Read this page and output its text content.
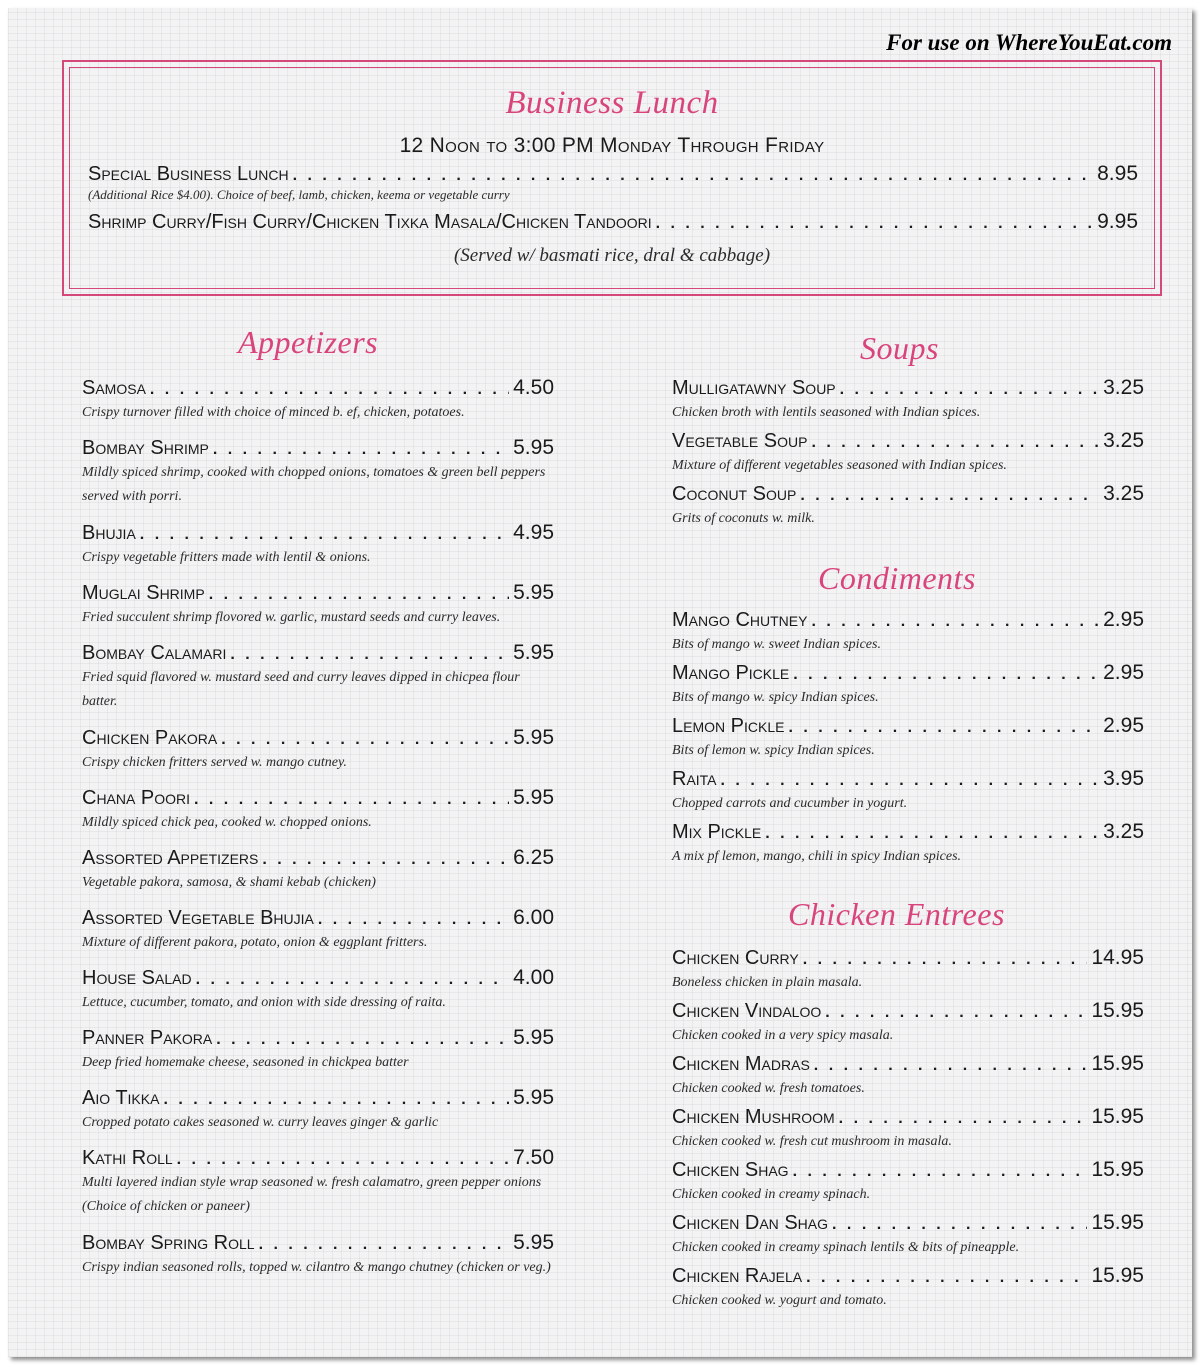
For use on WhereYouEat.com
Business Lunch
12 Noon to 3:00 PM Monday Through Friday
Special Business Lunch . . .	8.95
(Additional Rice $4.00). Choice of beef, lamb, chicken, keema or vegetable curry
Shrimp Curry/Fish Curry/Chicken Tixka Masala/Chicken Tandoori . . .	9.95
(Served w/ basmati rice, dral & cabbage)
Appetizers
Samosa . . .	4.50
Crispy turnover filled with choice of minced b. ef, chicken, potatoes.
Bombay Shrimp . . .	5.95
Mildly spiced shrimp, cooked with chopped onions, tomatoes & green bell peppers served with porri.
Bhujia . . .	4.95
Crispy vegetable fritters made with lentil & onions.
Muglai Shrimp . . .	5.95
Fried succulent shrimp flovored w. garlic, mustard seeds and curry leaves.
Bombay Calamari . . .	5.95
Fried squid flavored w. mustard seed and curry leaves dipped in chicpea flour batter.
Chicken Pakora . . .	5.95
Crispy chicken fritters served w. mango cutney.
Chana Poori . . .	5.95
Mildly spiced chick pea, cooked w. chopped onions.
Assorted Appetizers . . .	6.25
Vegetable pakora, samosa, & shami kebab (chicken)
Assorted Vegetable Bhujia . . .	6.00
Mixture of different pakora, potato, onion & eggplant fritters.
House Salad . . .	4.00
Lettuce, cucumber, tomato, and onion with side dressing of raita.
Panner Pakora . . .	5.95
Deep fried homemake cheese, seasoned in chickpea batter
Aio Tikka . . .	5.95
Cropped potato cakes seasoned w. curry leaves ginger & garlic
Kathi Roll . . .	7.50
Multi layered indian style wrap seasoned w. fresh calamatro, green pepper onions (Choice of chicken or paneer)
Bombay Spring Roll . . .	5.95
Crispy indian seasoned rolls, topped w. cilantro & mango chutney (chicken or veg.)
Soups
Mulligatawny Soup . . .	3.25
Chicken broth with lentils seasoned with Indian spices.
Vegetable Soup . . .	3.25
Mixture of different vegetables seasoned with Indian spices.
Coconut Soup . . .	3.25
Grits of coconuts w. milk.
Condiments
Mango Chutney . . .	2.95
Bits of mango w. sweet Indian spices.
Mango Pickle . . .	2.95
Bits of mango w. spicy Indian spices.
Lemon Pickle . . .	2.95
Bits of lemon w. spicy Indian spices.
Raita . . .	3.95
Chopped carrots and cucumber in yogurt.
Mix Pickle . . .	3.25
A mix pf lemon, mango, chili in spicy Indian spices.
Chicken Entrees
Chicken Curry . . .	14.95
Boneless chicken in plain masala.
Chicken Vindaloo . . .	15.95
Chicken cooked in a very spicy masala.
Chicken Madras . . .	15.95
Chicken cooked w. fresh tomatoes.
Chicken Mushroom . . .	15.95
Chicken cooked w. fresh cut mushroom in masala.
Chicken Shag . . .	15.95
Chicken cooked in creamy spinach.
Chicken Dan Shag . . .	15.95
Chicken cooked in creamy spinach lentils & bits of pineapple.
Chicken Rajela . . .	15.95
Chicken cooked w. yogurt and tomato.
